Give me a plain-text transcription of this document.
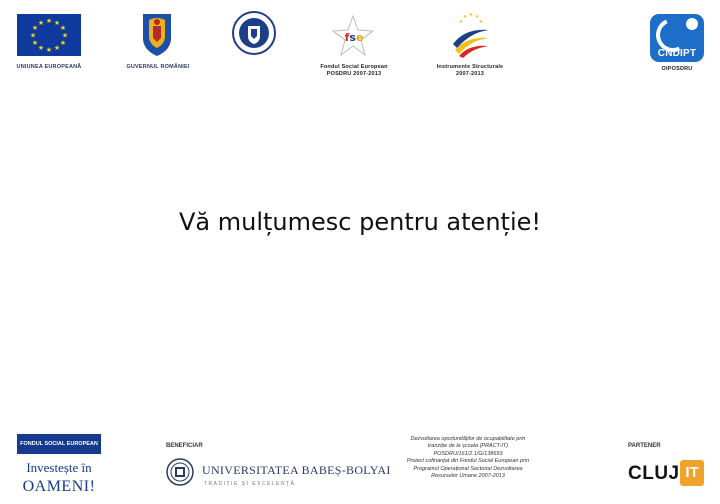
★ ★
★
★
★
★
★
★
★
★
★
★
UNIUNEA EUROPEANĂ	GUVERNUL ROMÂNIEI
fse
Fondul Social European
POSDRU 2007-2013
★ ★ ★
★
★
Instrumente Structurale
2007-2013
CNDIPT
OIPOSDRU
Vă mulțumesc pentru atenție!
FONDUL SOCIAL EUROPEAN
Investește în
OAMENI!
BENEFICIAR
UNIVERSITATEA BABEȘ-BOLYAI
TRADIȚIE ȘI EXCELENȚĂ
Dezvoltarea oportunităților de ocupabilitate prin
tranziție de la școala (PRACT-IT)
POSDRU/161/2.1/G/138693
Proiect cofinanțat din Fondul Social European prin
Programul Operațional Sectorial Dezvoltarea
Resurselor Umane 2007-2013
PARTENER
CLUJ IT
